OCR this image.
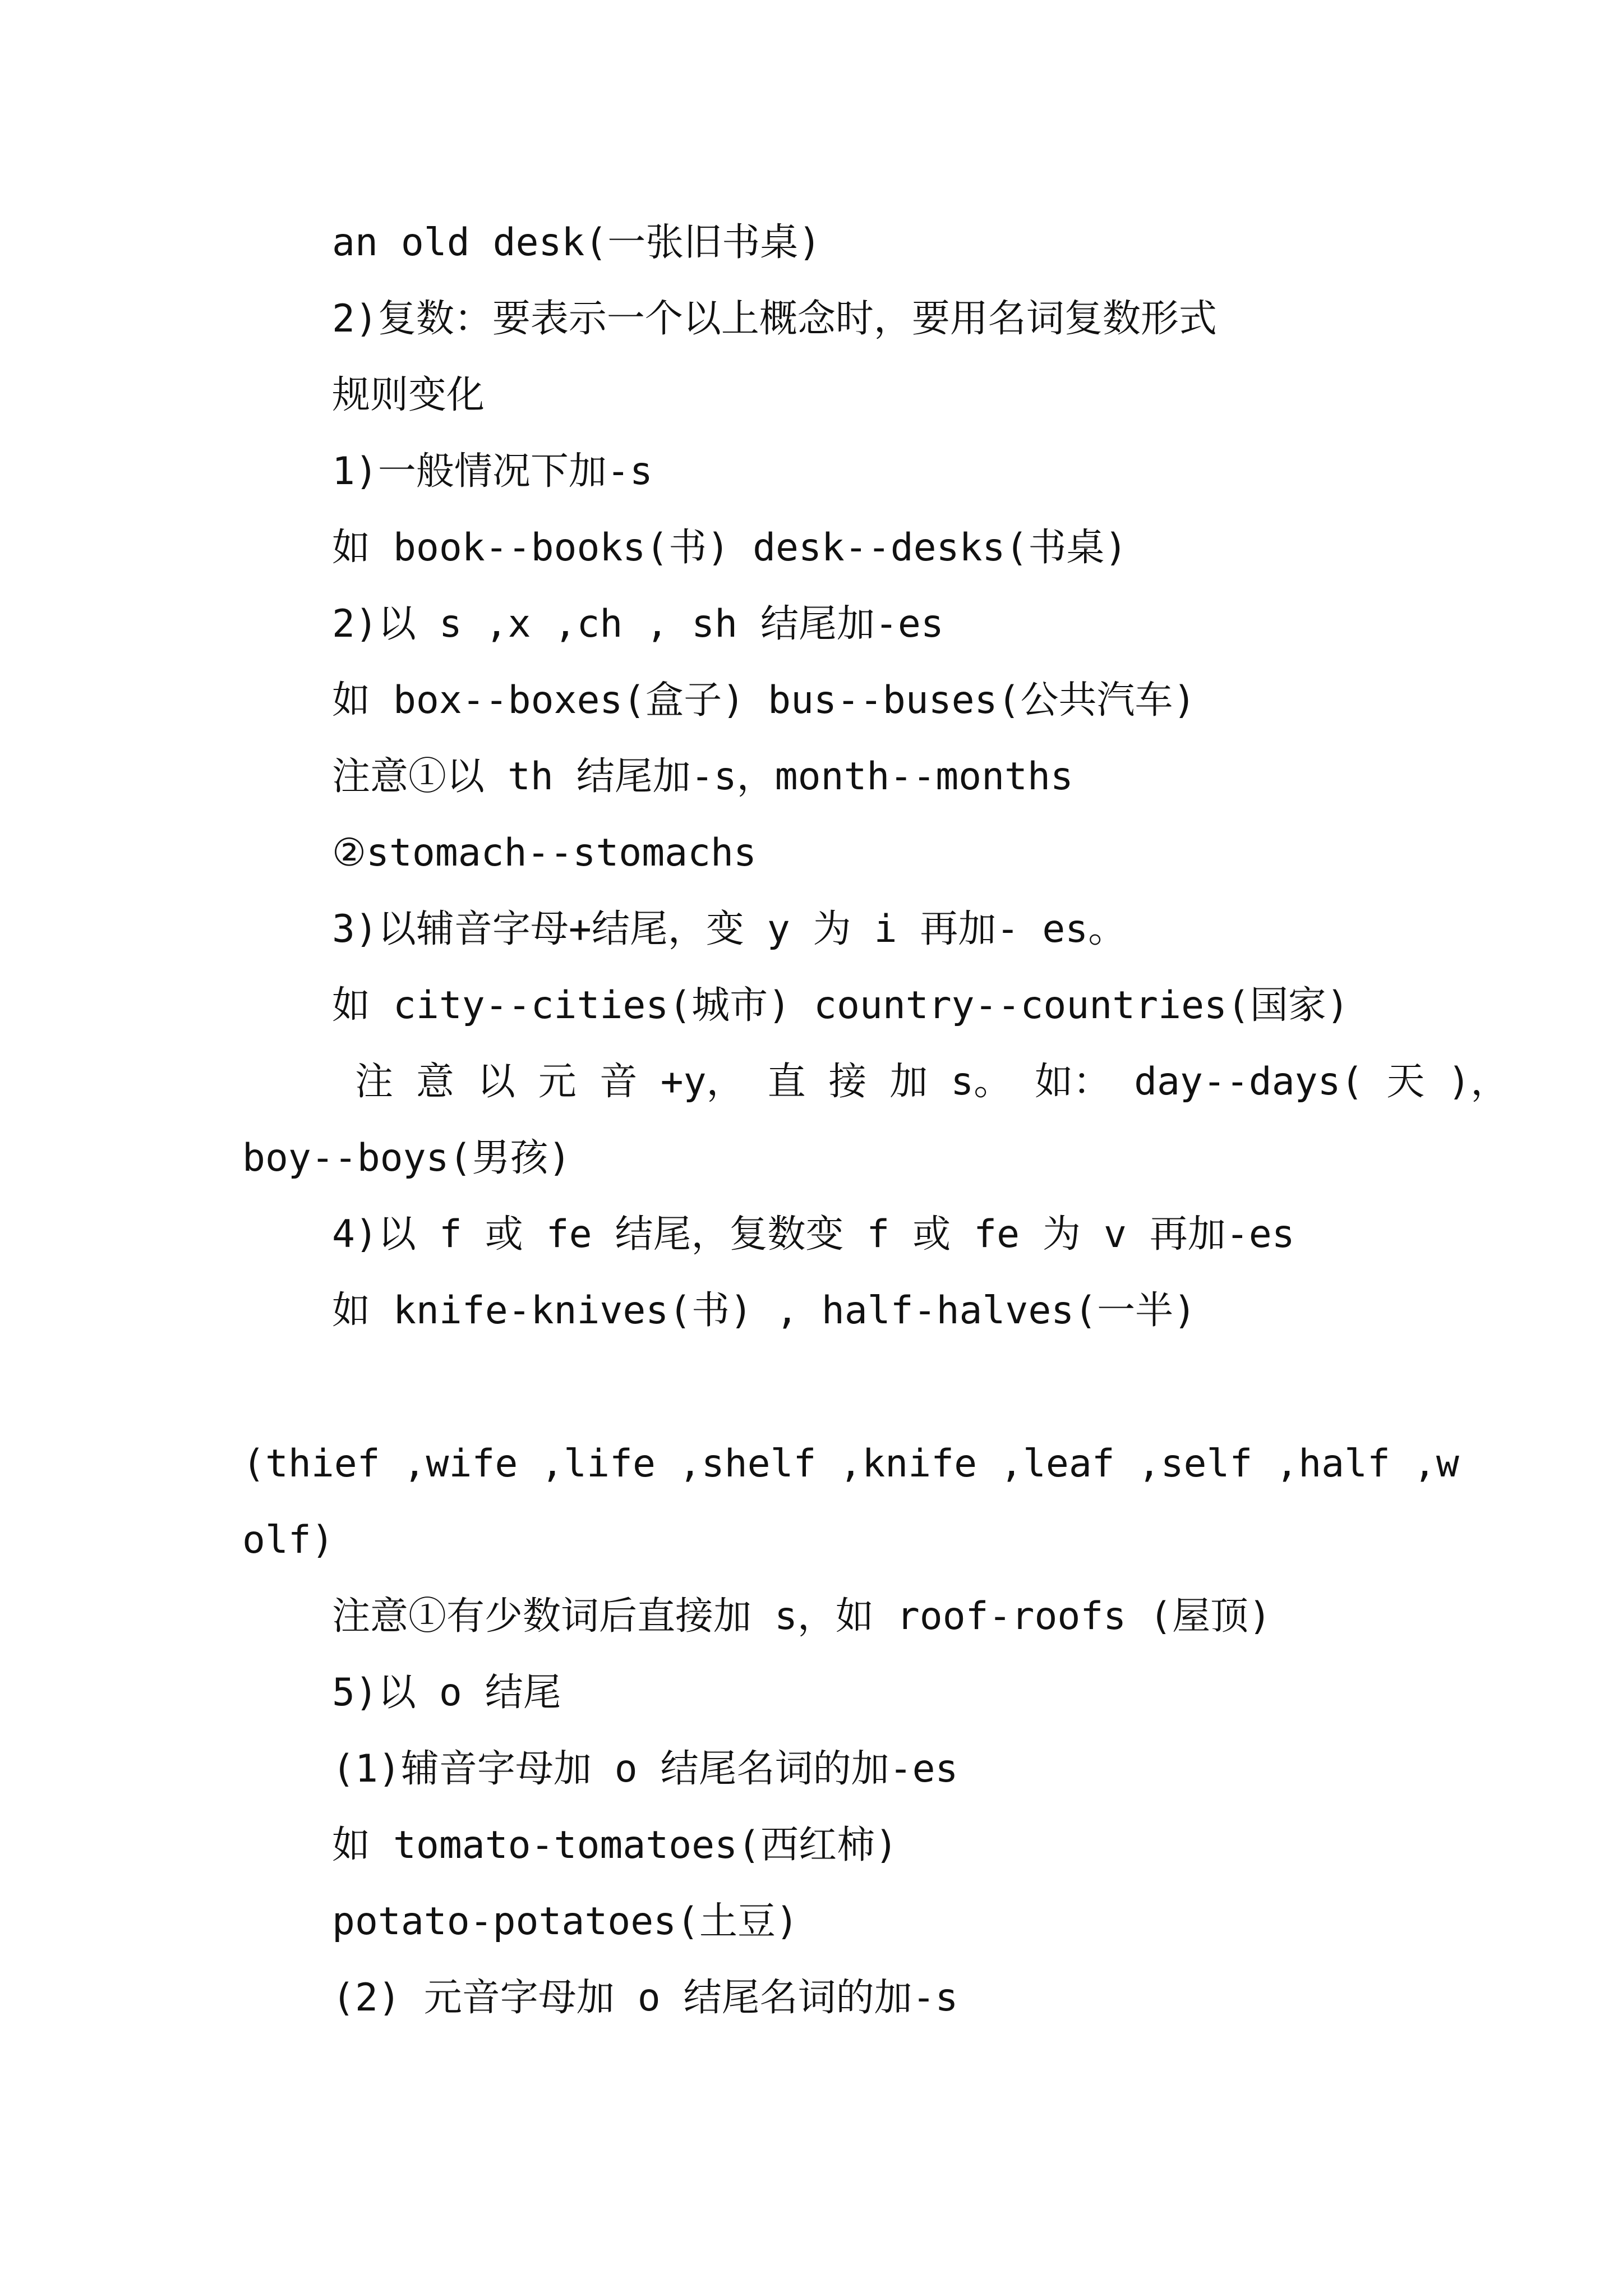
an old desk(一张旧书桌)
2)复数：要表示一个以上概念时，要用名词复数形式
规则变化
1)一般情况下加-s
如 book--books(书) desk--desks(书桌)
2)以 s ,x ,ch , sh 结尾加-es
如 box--boxes(盒子) bus--buses(公共汽车)
注意①以 th 结尾加-s，month--months
②stomach--stomachs
3)以辅音字母+结尾，变 y 为 i 再加- es。
如 city--cities(城市) country--countries(国家)
注 意 以 元 音 +y， 直 接 加 s。 如： day--days( 天 )，
boy--boys(男孩)
4)以 f 或 fe 结尾，复数变 f 或 fe 为 v 再加-es
如 knife-knives(书) , half-halves(一半)
(thief ,wife ,life ,shelf ,knife ,leaf ,self ,half ,w
olf)
注意①有少数词后直接加 s，如 roof-roofs (屋顶)
5)以 o 结尾
(1)辅音字母加 o 结尾名词的加-es
如 tomato-tomatoes(西红柿)
potato-potatoes(土豆)
(2) 元音字母加 o 结尾名词的加-s
